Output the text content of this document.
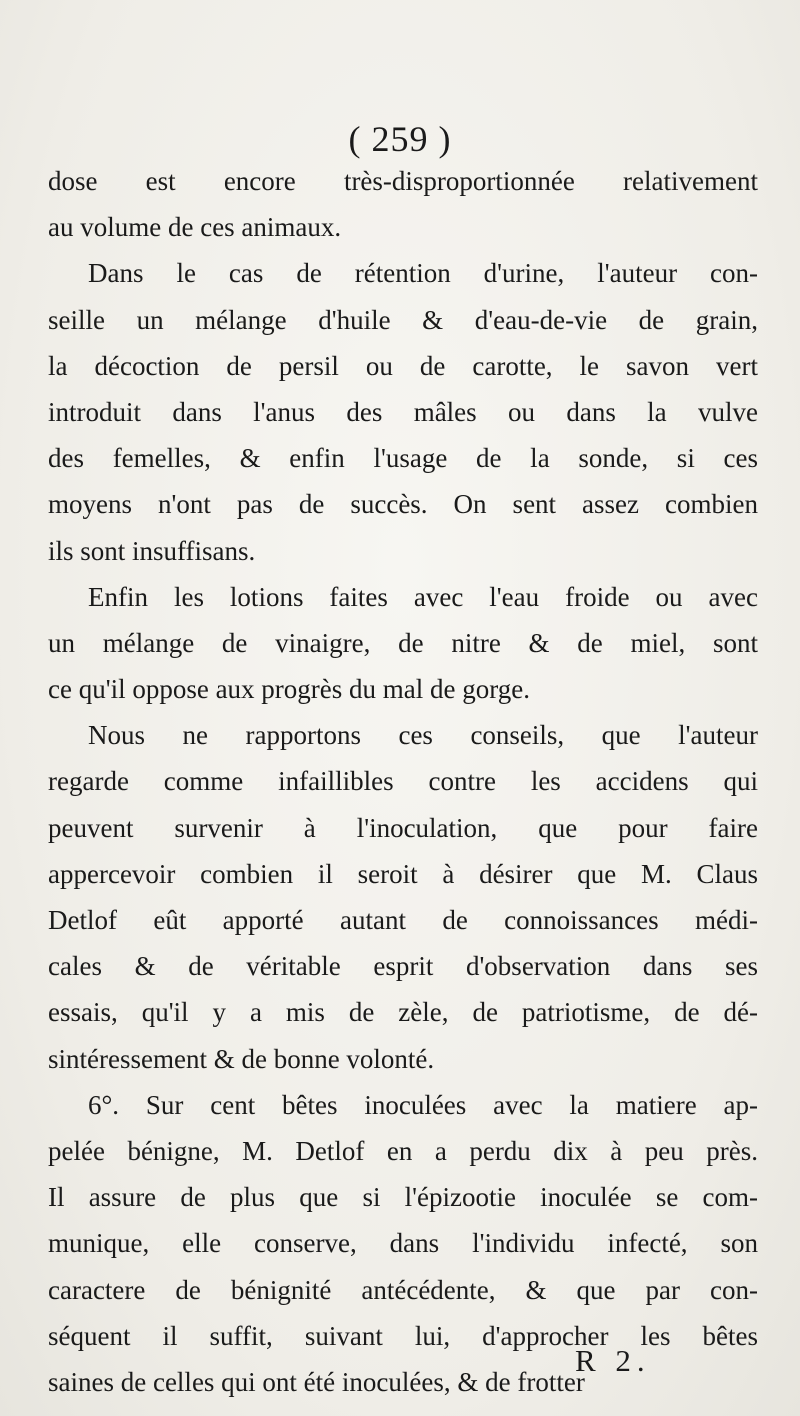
( 259 )
dose est encore très-disproportionnée relativement
au volume de ces animaux.
Dans le cas de rétention d'urine, l'auteur con-
seille un mélange d'huile & d'eau-de-vie de grain,
la décoction de persil ou de carotte, le savon vert
introduit dans l'anus des mâles ou dans la vulve
des femelles, & enfin l'usage de la sonde, si ces
moyens n'ont pas de succès. On sent assez combien
ils sont insuffisans.
Enfin les lotions faites avec l'eau froide ou avec
un mélange de vinaigre, de nitre & de miel, sont
ce qu'il oppose aux progrès du mal de gorge.
Nous ne rapportons ces conseils, que l'auteur
regarde comme infaillibles contre les accidens qui
peuvent survenir à l'inoculation, que pour faire
appercevoir combien il seroit à désirer que M. Claus
Detlof eût apporté autant de connoissances médi-
cales & de véritable esprit d'observation dans ses
essais, qu'il y a mis de zèle, de patriotisme, de dé-
sintéressement & de bonne volonté.
6°. Sur cent bêtes inoculées avec la matiere ap-
pelée bénigne, M. Detlof en a perdu dix à peu près.
Il assure de plus que si l'épizootie inoculée se com-
munique, elle conserve, dans l'individu infecté, son
caractere de bénignité antécédente, & que par con-
séquent il suffit, suivant lui, d'approcher les bêtes
saines de celles qui ont été inoculées, & de frotter
R 2.
